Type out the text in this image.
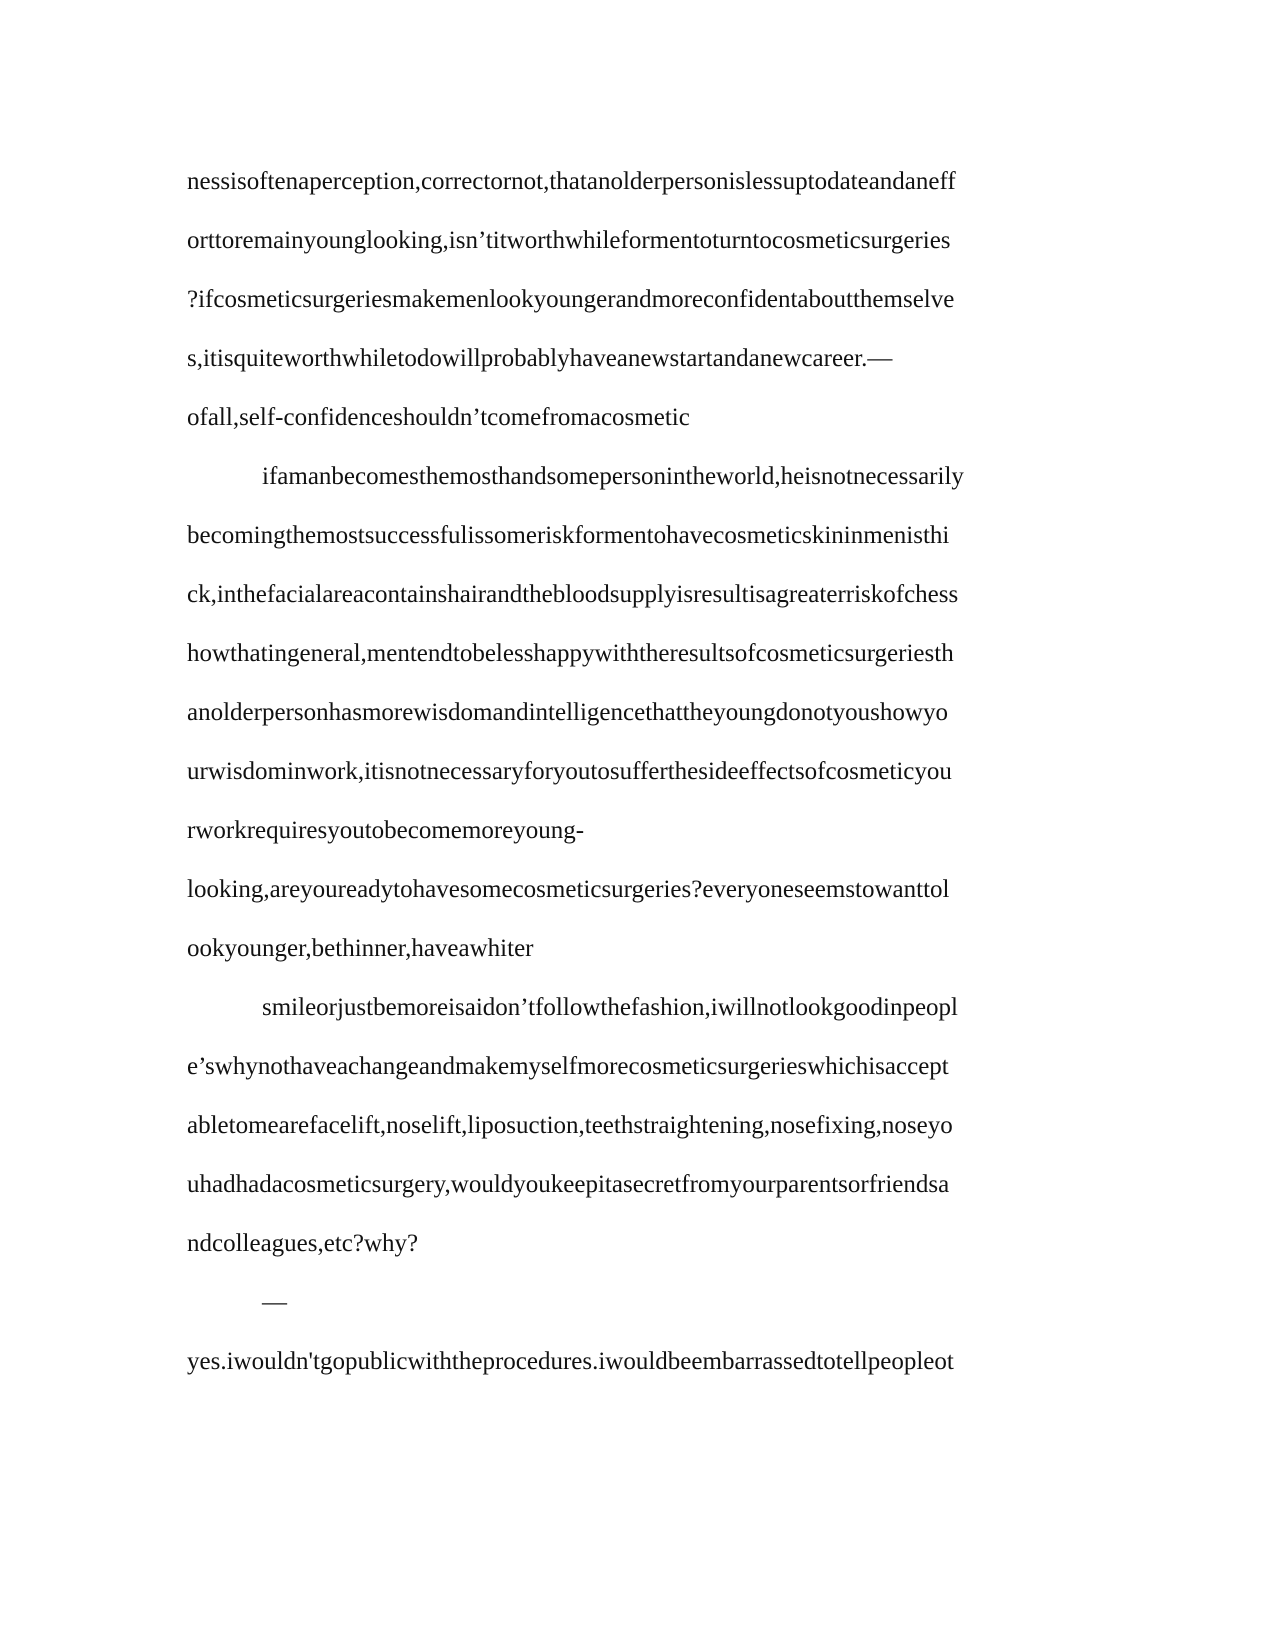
nessisoftenaperception,correctornot,thatanolderpersonislessuptodateandaneff
orttoremainyounglooking,isn’titworthwhileformentoturntocosmeticsurgeries
?ifcosmeticsurgeriesmakemenlookyoungerandmoreconfidentaboutthemselve
s,itisquiteworthwhiletodowillprobablyhaveanewstartandanewcareer.—
ofall,self-confidenceshouldn’tcomefromacosmetic
ifamanbecomesthemosthandsomepersonintheworld,heisnotnecessarily
becomingthemostsuccessfulissomeriskformentohavecosmeticskininmenisthi
ck,inthefacialareacontainshairandthebloodsupplyisresultisagreaterriskofchess
howthatingeneral,mentendtobelesshappywiththeresultsofcosmeticsurgeriesth
anolderpersonhasmorewisdomandintelligencethattheyoungdonotyoushowyo
urwisdominwork,itisnotnecessaryforyoutosufferthesideeffectsofcosmeticyou
rworkrequiresyoutobecomemoreyoung-
looking,areyoureadytohavesomecosmeticsurgeries?everyoneseemstowanttol
ookyounger,bethinner,haveawhiter
smileorjustbemoreisaidon’tfollowthefashion,iwillnotlookgoodinpeopl
e’swhynothaveachangeandmakemyselfmorecosmeticsurgerieswhichisaccept
abletomearefacelift,noselift,liposuction,teethstraightening,nosefixing,noseyo
uhadhadacosmeticsurgery,wouldyoukeepitasecretfromyourparentsorfriendsa
ndcolleagues,etc?why?
—
yes.iwouldn'tgopublicwiththeprocedures.iwouldbeembarrassedtotellpeopleot
